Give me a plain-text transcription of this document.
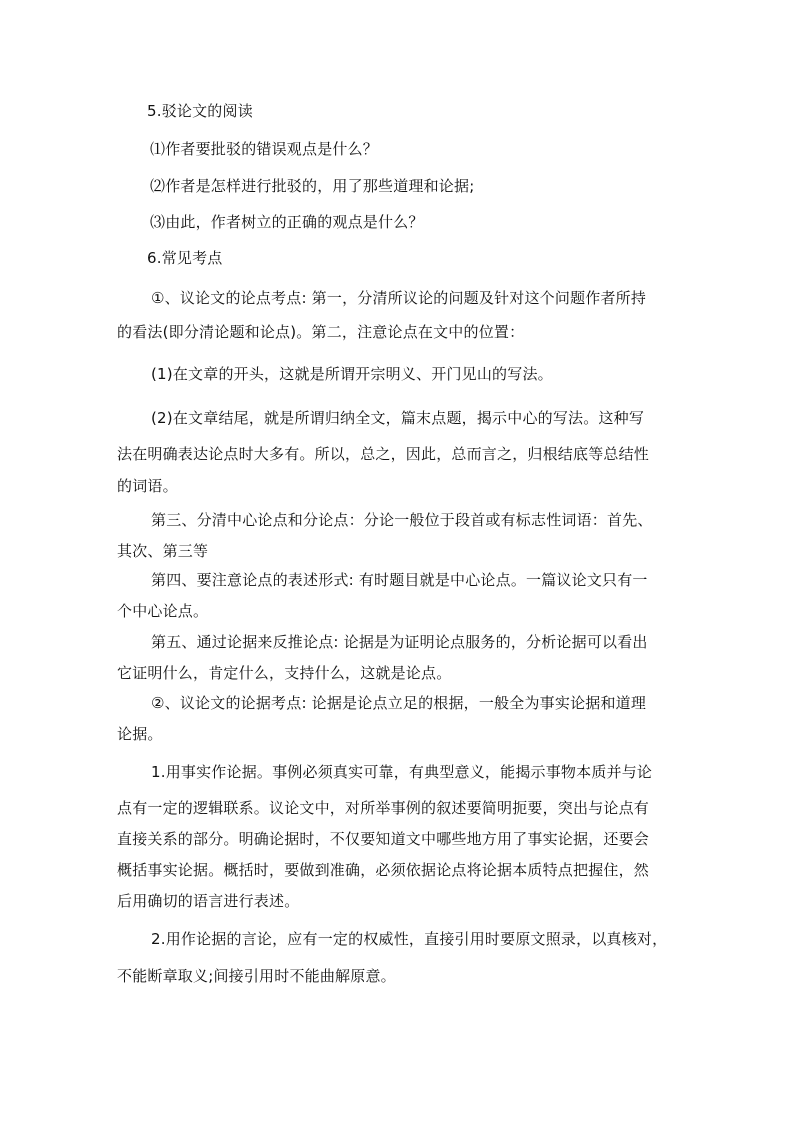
5.驳论文的阅读
⑴作者要批驳的错误观点是什么？
⑵作者是怎样进行批驳的，用了那些道理和论据;
⑶由此，作者树立的正确的观点是什么？
6.常见考点
①、议论文的论点考点: 第一，分清所议论的问题及针对这个问题作者所持
的看法(即分清论题和论点)。第二，注意论点在文中的位置：
(1)在文章的开头，这就是所谓开宗明义、开门见山的写法。
(2)在文章结尾，就是所谓归纳全文，篇末点题，揭示中心的写法。这种写
法在明确表达论点时大多有。所以，总之，因此，总而言之，归根结底等总结性
的词语。
第三、分清中心论点和分论点：分论一般位于段首或有标志性词语：首先、
其次、第三等
第四、要注意论点的表述形式: 有时题目就是中心论点。一篇议论文只有一
个中心论点。
第五、通过论据来反推论点: 论据是为证明论点服务的，分析论据可以看出
它证明什么，肯定什么，支持什么，这就是论点。
②、议论文的论据考点: 论据是论点立足的根据，一般全为事实论据和道理
论据。
1.用事实作论据。事例必须真实可靠，有典型意义，能揭示事物本质并与论
点有一定的逻辑联系。议论文中，对所举事例的叙述要简明扼要，突出与论点有
直接关系的部分。明确论据时，不仅要知道文中哪些地方用了事实论据，还要会
概括事实论据。概括时，要做到准确，必须依据论点将论据本质特点把握住，然
后用确切的语言进行表述。
2.用作论据的言论，应有一定的权威性，直接引用时要原文照录，以真核对，
不能断章取义;间接引用时不能曲解原意。
